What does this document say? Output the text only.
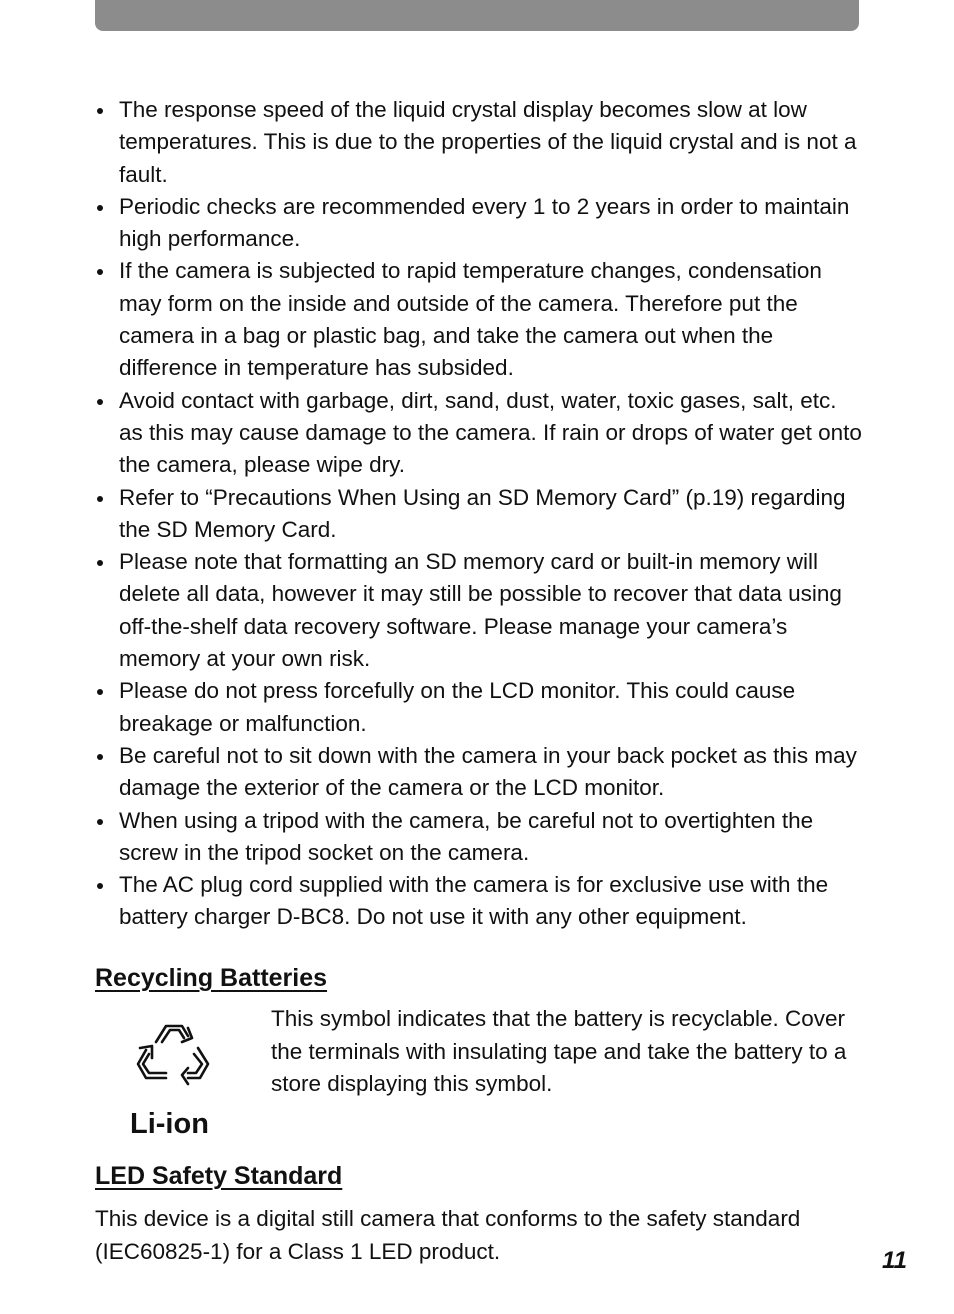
The response speed of the liquid crystal display becomes slow at low temperatures. This is due to the properties of the liquid crystal and is not a fault.
Periodic checks are recommended every 1 to 2 years in order to maintain high performance.
If the camera is subjected to rapid temperature changes, condensation may form on the inside and outside of the camera. Therefore put the camera in a bag or plastic bag, and take the camera out when the difference in temperature has subsided.
Avoid contact with garbage, dirt, sand, dust, water, toxic gases, salt, etc. as this may cause damage to the camera. If rain or drops of water get onto the camera, please wipe dry.
Refer to “Precautions When Using an SD Memory Card” (p.19) regarding the SD Memory Card.
Please note that formatting an SD memory card or built-in memory will delete all data, however it may still be possible to recover that data using off-the-shelf data recovery software. Please manage your camera’s memory at your own risk.
Please do not press forcefully on the LCD monitor. This could cause breakage or malfunction.
Be careful not to sit down with the camera in your back pocket as this may damage the exterior of the camera or the LCD monitor.
When using a tripod with the camera, be careful not to overtighten the screw in the tripod socket on the camera.
The AC plug cord supplied with the camera is for exclusive use with the battery charger D-BC8. Do not use it with any other equipment.
Recycling Batteries
Li-ion

This symbol indicates that the battery is recyclable. Cover the terminals with insulating tape and take the battery to a store displaying this symbol.

LED Safety Standard

This device is a digital still camera that conforms to the safety standard (IEC60825-1) for a Class 1 LED product.	11
